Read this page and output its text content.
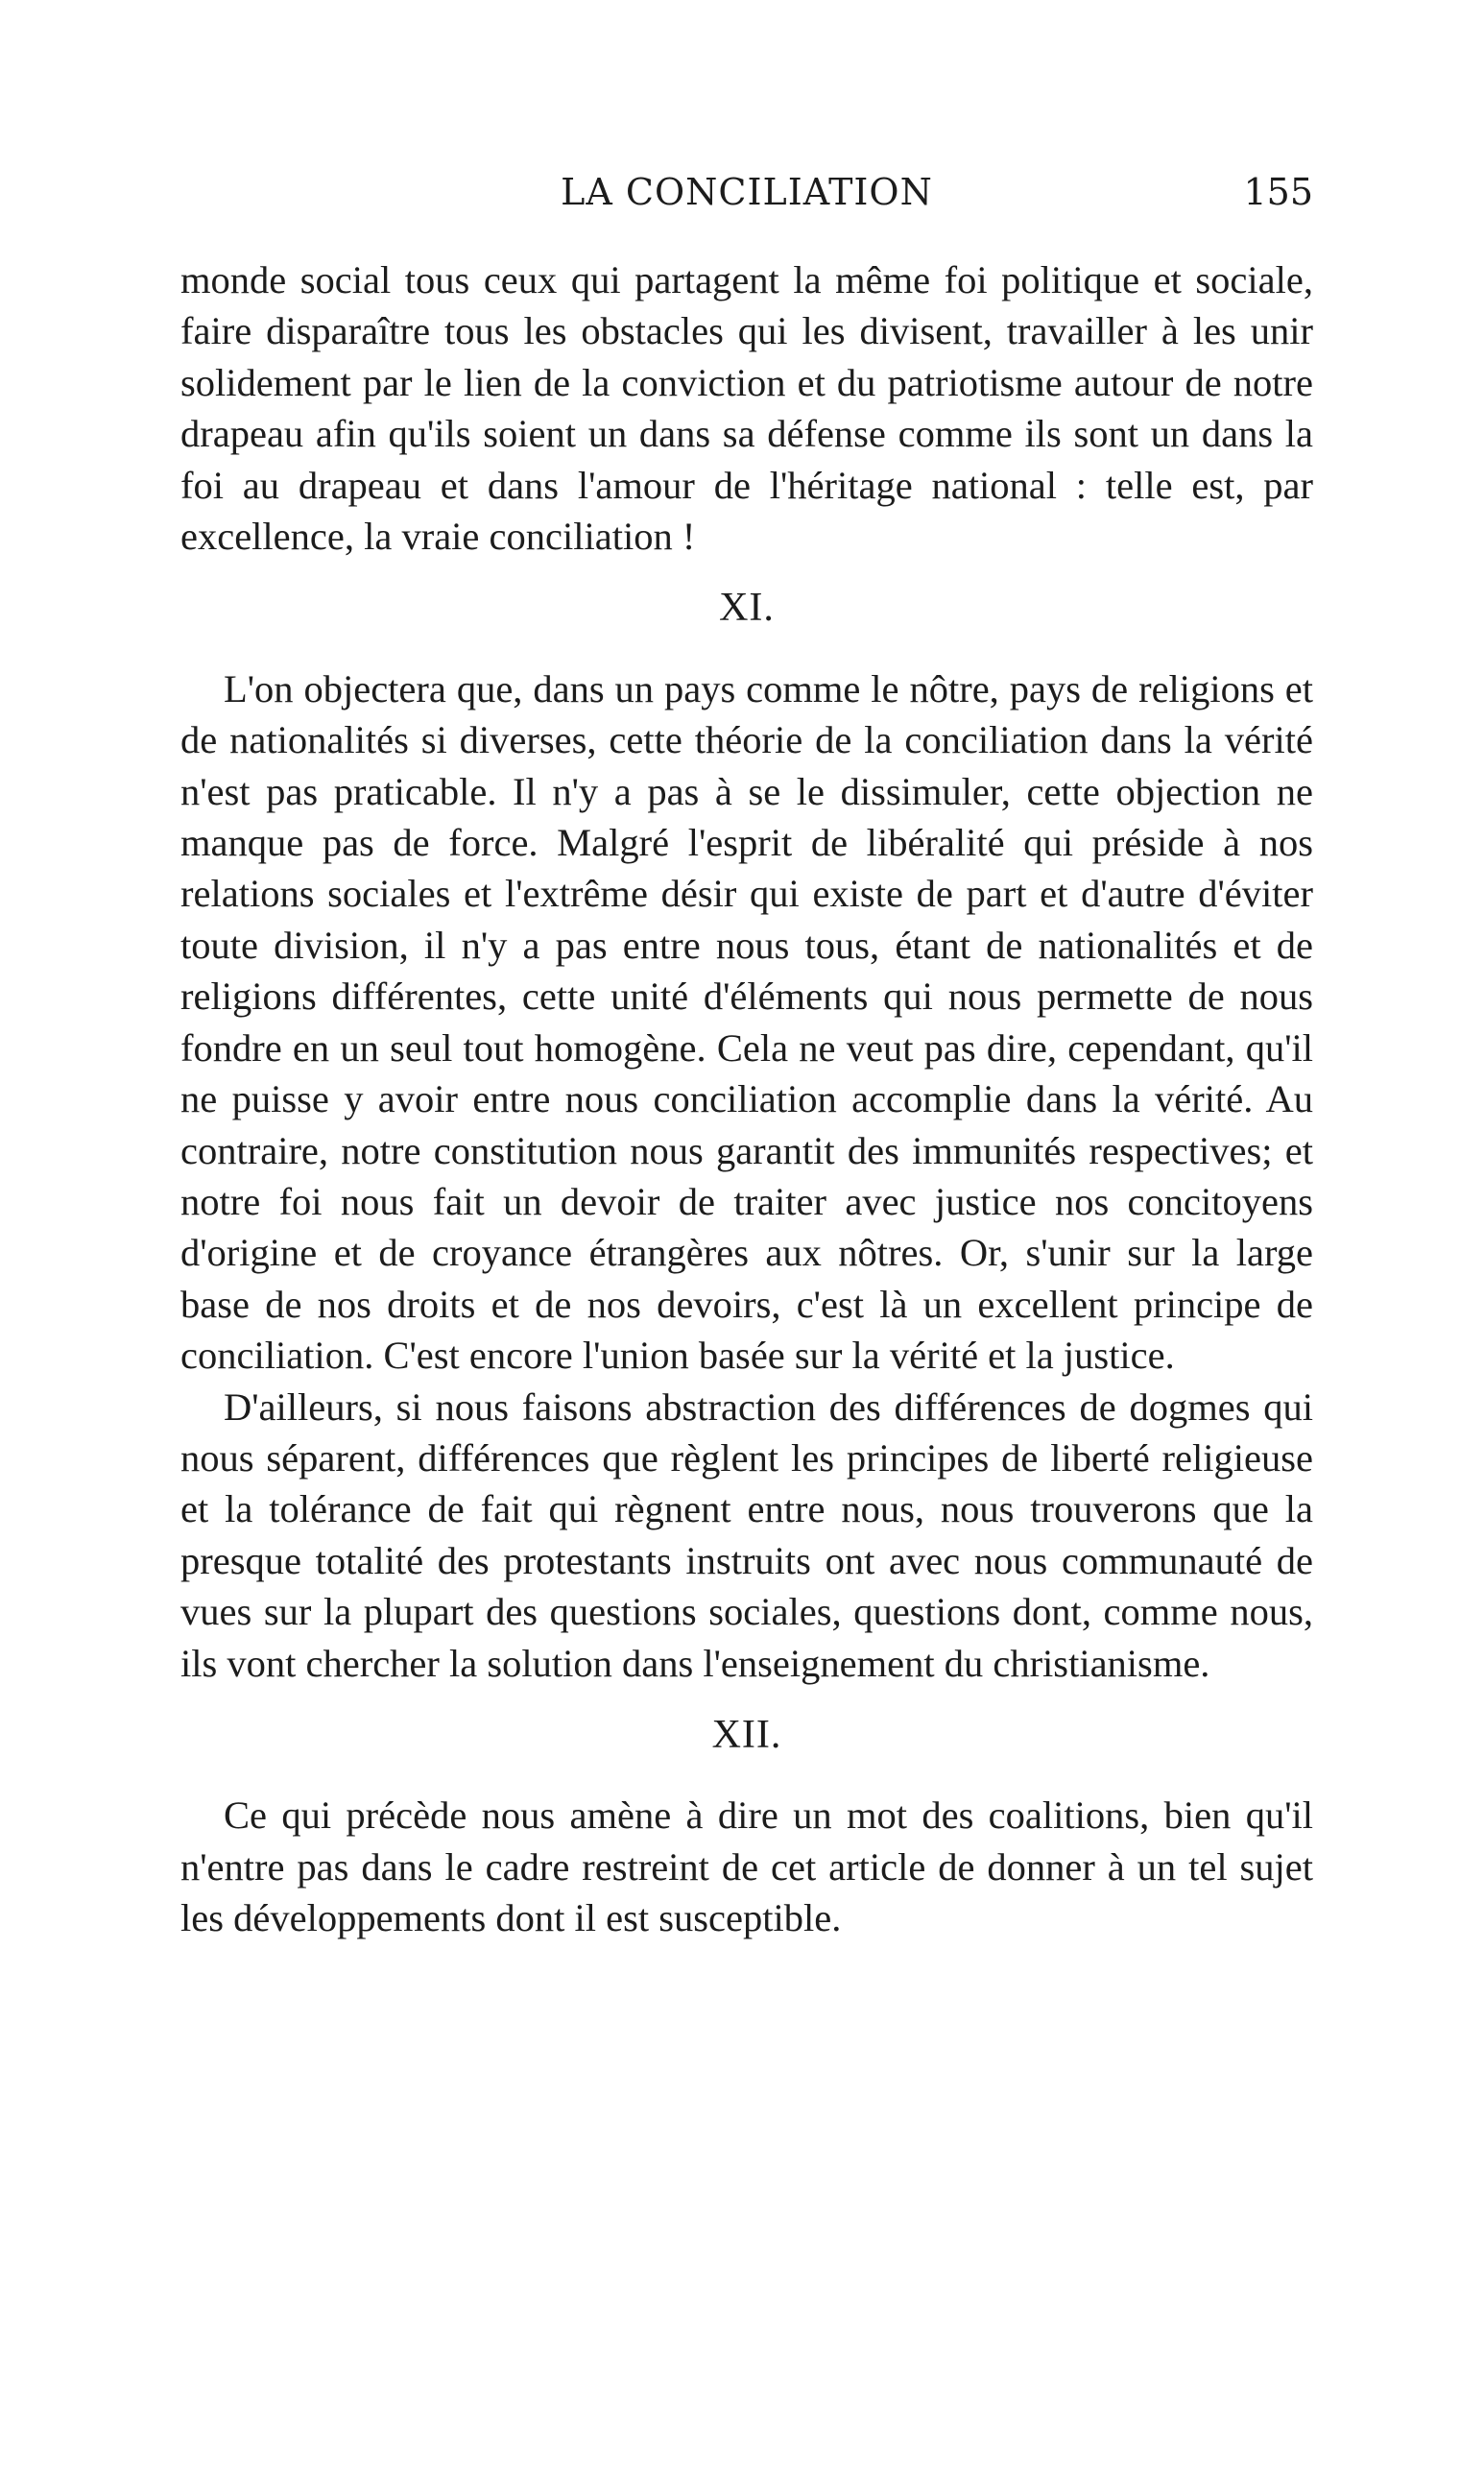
LA CONCILIATION	155

monde social tous ceux qui partagent la même foi politique et sociale, faire disparaître tous les obstacles qui les divisent, travailler à les unir solidement par le lien de la conviction et du patriotisme autour de notre drapeau afin qu'ils soient un dans sa défense comme ils sont un dans la foi au drapeau et dans l'amour de l'héritage national : telle est, par excellence, la vraie conciliation !

XI.

L'on objectera que, dans un pays comme le nôtre, pays de religions et de nationalités si diverses, cette théorie de la conciliation dans la vérité n'est pas praticable. Il n'y a pas à se le dissimuler, cette objection ne manque pas de force. Malgré l'esprit de libéralité qui préside à nos relations sociales et l'extrême désir qui existe de part et d'autre d'éviter toute division, il n'y a pas entre nous tous, étant de nationalités et de religions différentes, cette unité d'éléments qui nous permette de nous fondre en un seul tout homogène. Cela ne veut pas dire, cependant, qu'il ne puisse y avoir entre nous conciliation accomplie dans la vérité. Au contraire, notre constitution nous garantit des immunités respectives; et notre foi nous fait un devoir de traiter avec justice nos concitoyens d'origine et de croyance étrangères aux nôtres. Or, s'unir sur la large base de nos droits et de nos devoirs, c'est là un excellent principe de conciliation. C'est encore l'union basée sur la vérité et la justice.

D'ailleurs, si nous faisons abstraction des différences de dogmes qui nous séparent, différences que règlent les principes de liberté religieuse et la tolérance de fait qui règnent entre nous, nous trouverons que la presque totalité des protestants instruits ont avec nous communauté de vues sur la plupart des questions sociales, questions dont, comme nous, ils vont chercher la solution dans l'enseignement du christianisme.

XII.

Ce qui précède nous amène à dire un mot des coalitions, bien qu'il n'entre pas dans le cadre restreint de cet article de donner à un tel sujet les développements dont il est susceptible.
